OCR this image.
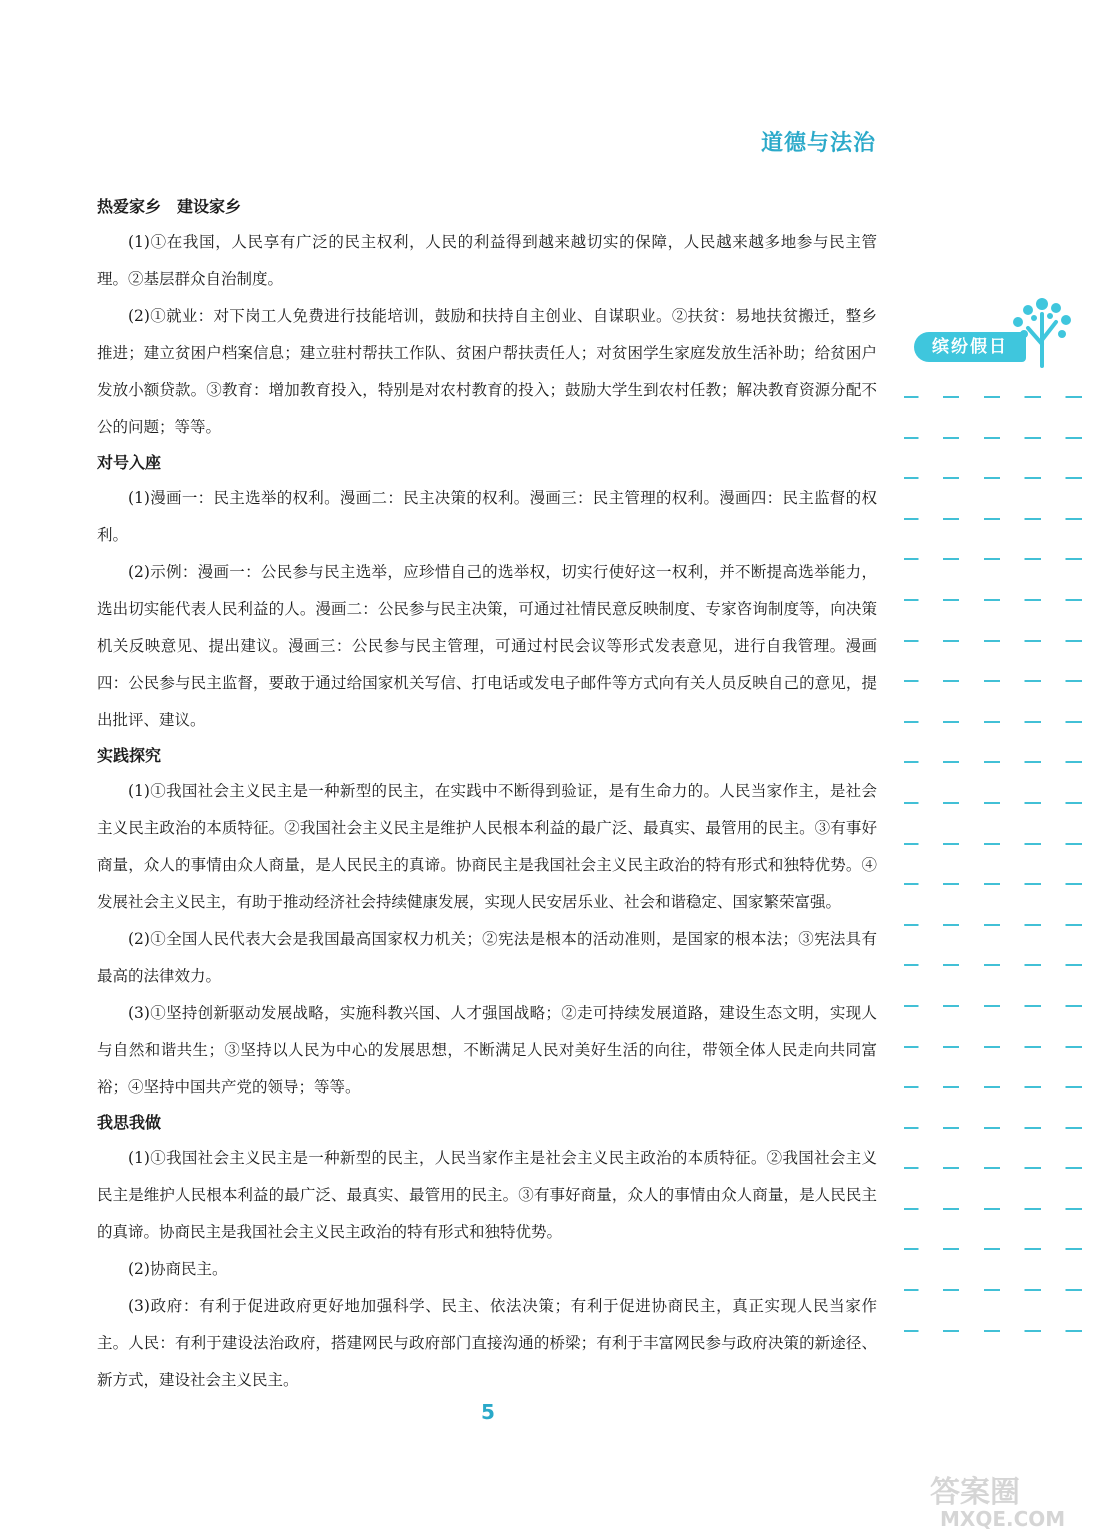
道德与法治

热爱家乡　建设家乡

(1)①在我国，人民享有广泛的民主权利，人民的利益得到越来越切实的保障，人民越来越多地参与民主管理。②基层群众自治制度。

(2)①就业：对下岗工人免费进行技能培训，鼓励和扶持自主创业、自谋职业。②扶贫：易地扶贫搬迁，整乡推进；建立贫困户档案信息；建立驻村帮扶工作队、贫困户帮扶责任人；对贫困学生家庭发放生活补助；给贫困户发放小额贷款。③教育：增加教育投入，特别是对农村教育的投入；鼓励大学生到农村任教；解决教育资源分配不公的问题；等等。

对号入座

(1)漫画一：民主选举的权利。漫画二：民主决策的权利。漫画三：民主管理的权利。漫画四：民主监督的权利。

(2)示例：漫画一：公民参与民主选举，应珍惜自己的选举权，切实行使好这一权利，并不断提高选举能力，选出切实能代表人民利益的人。漫画二：公民参与民主决策，可通过社情民意反映制度、专家咨询制度等，向决策机关反映意见、提出建议。漫画三：公民参与民主管理，可通过村民会议等形式发表意见，进行自我管理。漫画四：公民参与民主监督，要敢于通过给国家机关写信、打电话或发电子邮件等方式向有关人员反映自己的意见，提出批评、建议。

实践探究

(1)①我国社会主义民主是一种新型的民主，在实践中不断得到验证，是有生命力的。人民当家作主，是社会主义民主政治的本质特征。②我国社会主义民主是维护人民根本利益的最广泛、最真实、最管用的民主。③有事好商量，众人的事情由众人商量，是人民民主的真谛。协商民主是我国社会主义民主政治的特有形式和独特优势。④发展社会主义民主，有助于推动经济社会持续健康发展，实现人民安居乐业、社会和谐稳定、国家繁荣富强。

(2)①全国人民代表大会是我国最高国家权力机关；②宪法是根本的活动准则，是国家的根本法；③宪法具有最高的法律效力。

(3)①坚持创新驱动发展战略，实施科教兴国、人才强国战略；②走可持续发展道路，建设生态文明，实现人与自然和谐共生；③坚持以人民为中心的发展思想，不断满足人民对美好生活的向往，带领全体人民走向共同富裕；④坚持中国共产党的领导；等等。

我思我做

(1)①我国社会主义民主是一种新型的民主，人民当家作主是社会主义民主政治的本质特征。②我国社会主义民主是维护人民根本利益的最广泛、最真实、最管用的民主。③有事好商量，众人的事情由众人商量，是人民民主的真谛。协商民主是我国社会主义民主政治的特有形式和独特优势。

(2)协商民主。

(3)政府：有利于促进政府更好地加强科学、民主、依法决策；有利于促进协商民主，真正实现人民当家作主。人民：有利于建设法治政府，搭建网民与政府部门直接沟通的桥梁；有利于丰富网民参与政府决策的新途径、新方式，建设社会主义民主。

缤纷假日
5
答案圈
MXQE.COM
